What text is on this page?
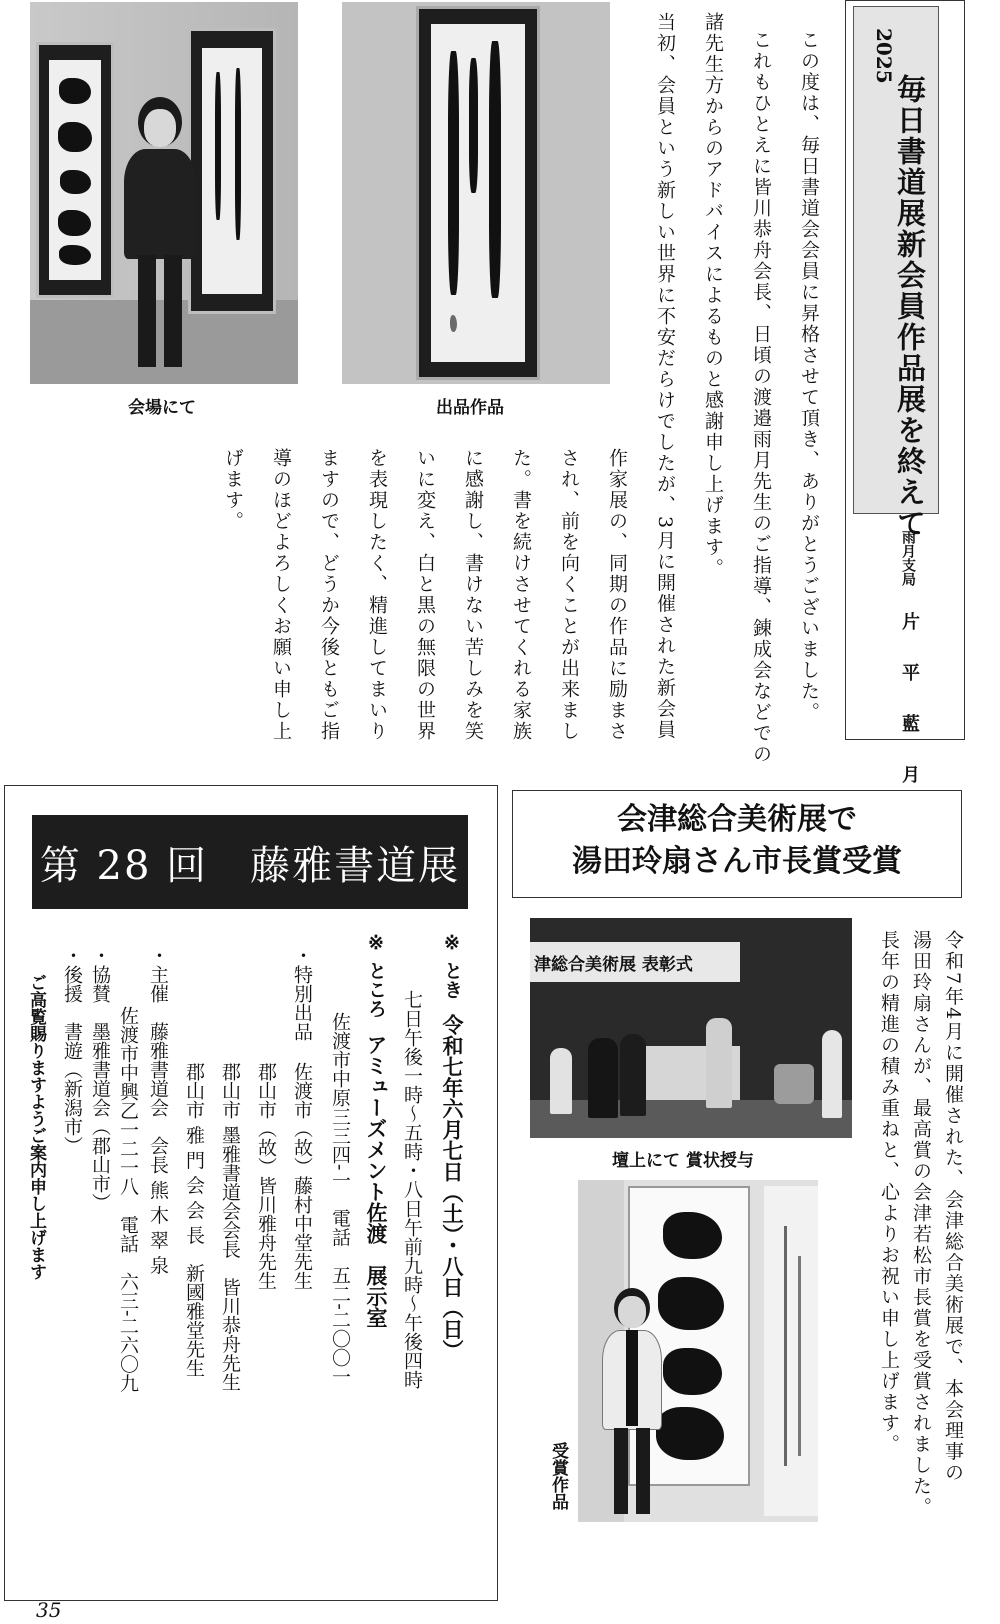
会場にて	出品作品
2025
毎日書道展新会員作品展を終えて
雨月支局
片 平 藍 月
この度は、毎日書道会会員に昇格させて頂き、ありがとうございました。
これもひとえに皆川恭舟会長、日頃の渡邉雨月先生のご指導、錬成会などでの
諸先生方からのアドバイスによるものと感謝申し上げます。
当初、会員という新しい世界に不安だらけでしたが、3月に開催された新会員
作家展の、同期の作品に励まさ
され、前を向くことが出来まし
た。書を続けさせてくれる家族
に感謝し、書けない苦しみを笑
いに変え、白と黒の無限の世界
を表現したく、精進してまいり
ますので、どうか今後ともご指
導のほどよろしくお願い申し上
げます。
第 28 回　藤雅書道展
※ とき
令和七年六月七日（土）・八日（日）
七日午後一時〜五時・八日午前九時〜午後四時
※ ところ
アミューズメント佐渡　展示室
佐渡市中原三三四‐一　電話　五二‐二〇〇一
・特別出品
佐渡市（故）藤村中堂先生
郡山市（故）皆川雅舟先生
郡山市 墨雅書道会会長　皆川恭舟先生
郡山市 雅 門 会 会 長　新國雅堂先生
・主催　藤雅書道会　会長 熊 木 翠 泉
佐渡市中興乙一二一八　電話　六三‐二六〇九
・協賛　墨雅書道会（郡山市）
・後援　書遊（新潟市）
ご高覧賜りますようご案内申し上げます
会津総合美術展で
湯田玲扇さん市長賞受賞
令和7年4月に開催された、会津総合美術展で、本会理事の
湯田玲扇さんが、最高賞の会津若松市長賞を受賞されました。
長年の精進の積み重ねと、心よりお祝い申し上げます。
津総合美術展 表彰式
壇上にて 賞状授与
受賞作品
35
